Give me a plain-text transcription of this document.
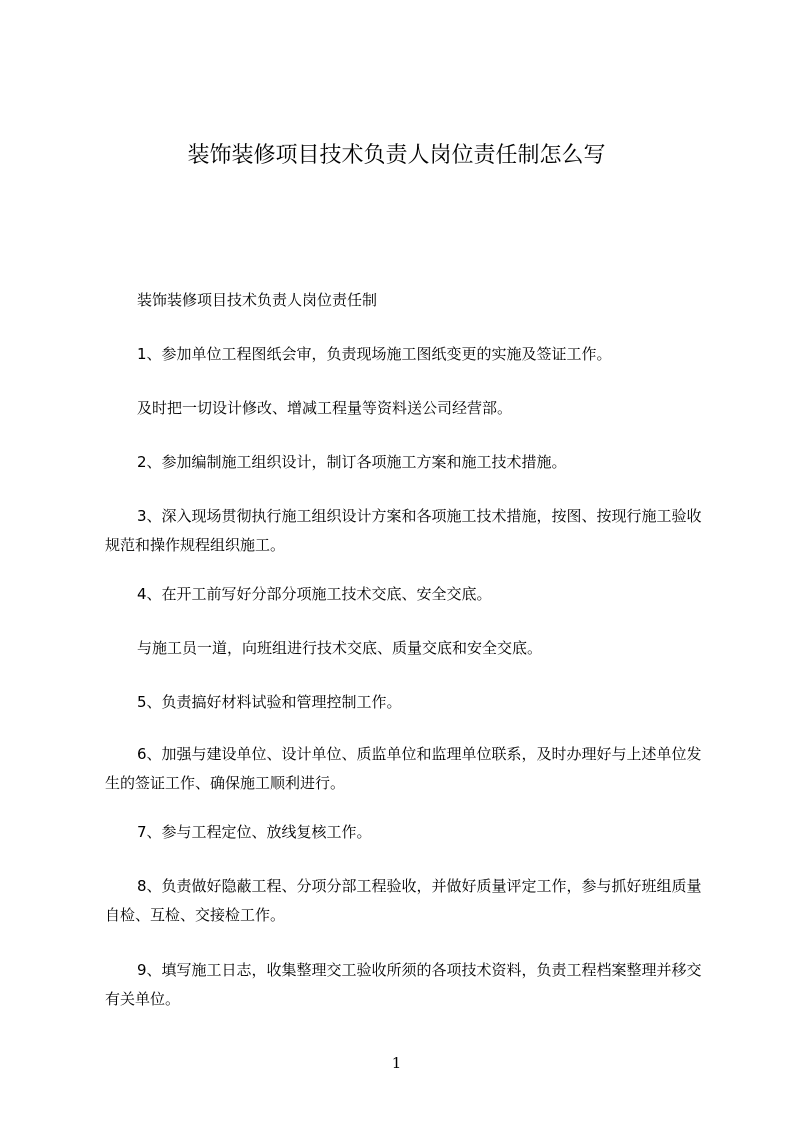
装饰装修项目技术负责人岗位责任制怎么写

装饰装修项目技术负责人岗位责任制

1、参加单位工程图纸会审，负责现场施工图纸变更的实施及签证工作。

及时把一切设计修改、增减工程量等资料送公司经营部。

2、参加编制施工组织设计，制订各项施工方案和施工技术措施。

3、深入现场贯彻执行施工组织设计方案和各项施工技术措施，按图、按现行施工验收规范和操作规程组织施工。

4、在开工前写好分部分项施工技术交底、安全交底。

与施工员一道，向班组进行技术交底、质量交底和安全交底。

5、负责搞好材料试验和管理控制工作。

6、加强与建设单位、设计单位、质监单位和监理单位联系，及时办理好与上述单位发生的签证工作、确保施工顺利进行。

7、参与工程定位、放线复核工作。

8、负责做好隐蔽工程、分项分部工程验收，并做好质量评定工作，参与抓好班组质量自检、互检、交接检工作。

9、填写施工日志，收集整理交工验收所须的各项技术资料，负责工程档案整理并移交有关单位。

1
